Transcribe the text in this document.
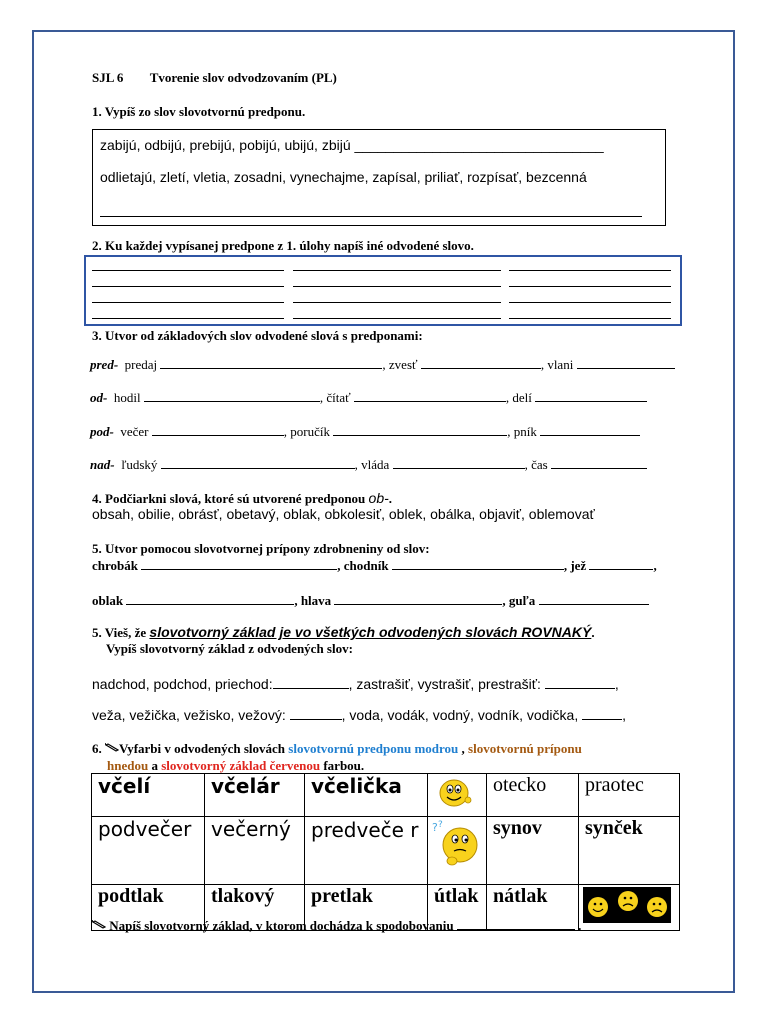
SJL 6 Tvorenie slov odvodzovaním (PL)
1. Vypíš zo slov slovotvornú predponu.
zabijú, odbijú, prebijú, pobijú, ubijú, zbijú ________________________________
odlietajú, zletí, vletia, zosadni, vynechajme, zapísal, priliať, rozpísať, bezcenná
2. Ku každej vypísanej predpone z 1. úlohy napíš iné odvodené slovo.
3. Utvor od základových slov odvodené slová s predponami:
pred- predaj	, zvesť	, vlani
od- hodil	, čítať	, delí
pod- večer	, poručík	, pník
nad- ľudský	, vláda	, čas
4. Podčiarkni slová, ktoré sú utvorené predponou ob-.
obsah, obilie, obrásť, obetavý, oblak, obkolesiť, oblek, obálka, objaviť, oblemovať
5. Utvor pomocou slovotvornej prípony zdrobneniny od slov:
chrobák	, chodník	, jež	,
oblak	, hlava	, guľa
5. Vieš, že slovotvorný základ je vo všetkých odvodených slovách ROVNAKÝ.
Vypíš slovotvorný základ z odvodených slov:
nadchod, podchod, priechod:	, zastrašiť, vystrašiť, prestrašiť:	,
veža, vežička, vežisko, vežový:	, voda, vodák, vodný, vodník, vodička,	,
6. Vyfarbi v odvodených slovách slovotvornú predponu modrou , slovotvornú príponu
hnedou a slovotvorný základ červenou farbou.
včelí	včelár	včelička		otecko	praotec
podvečer	večerný	predveče r	? ?	synov	synček
podtlak	tlakový	pretlak	útlak	nátlak	
Napíš slovotvorný základ, v ktorom dochádza k spodobovaniu	.
